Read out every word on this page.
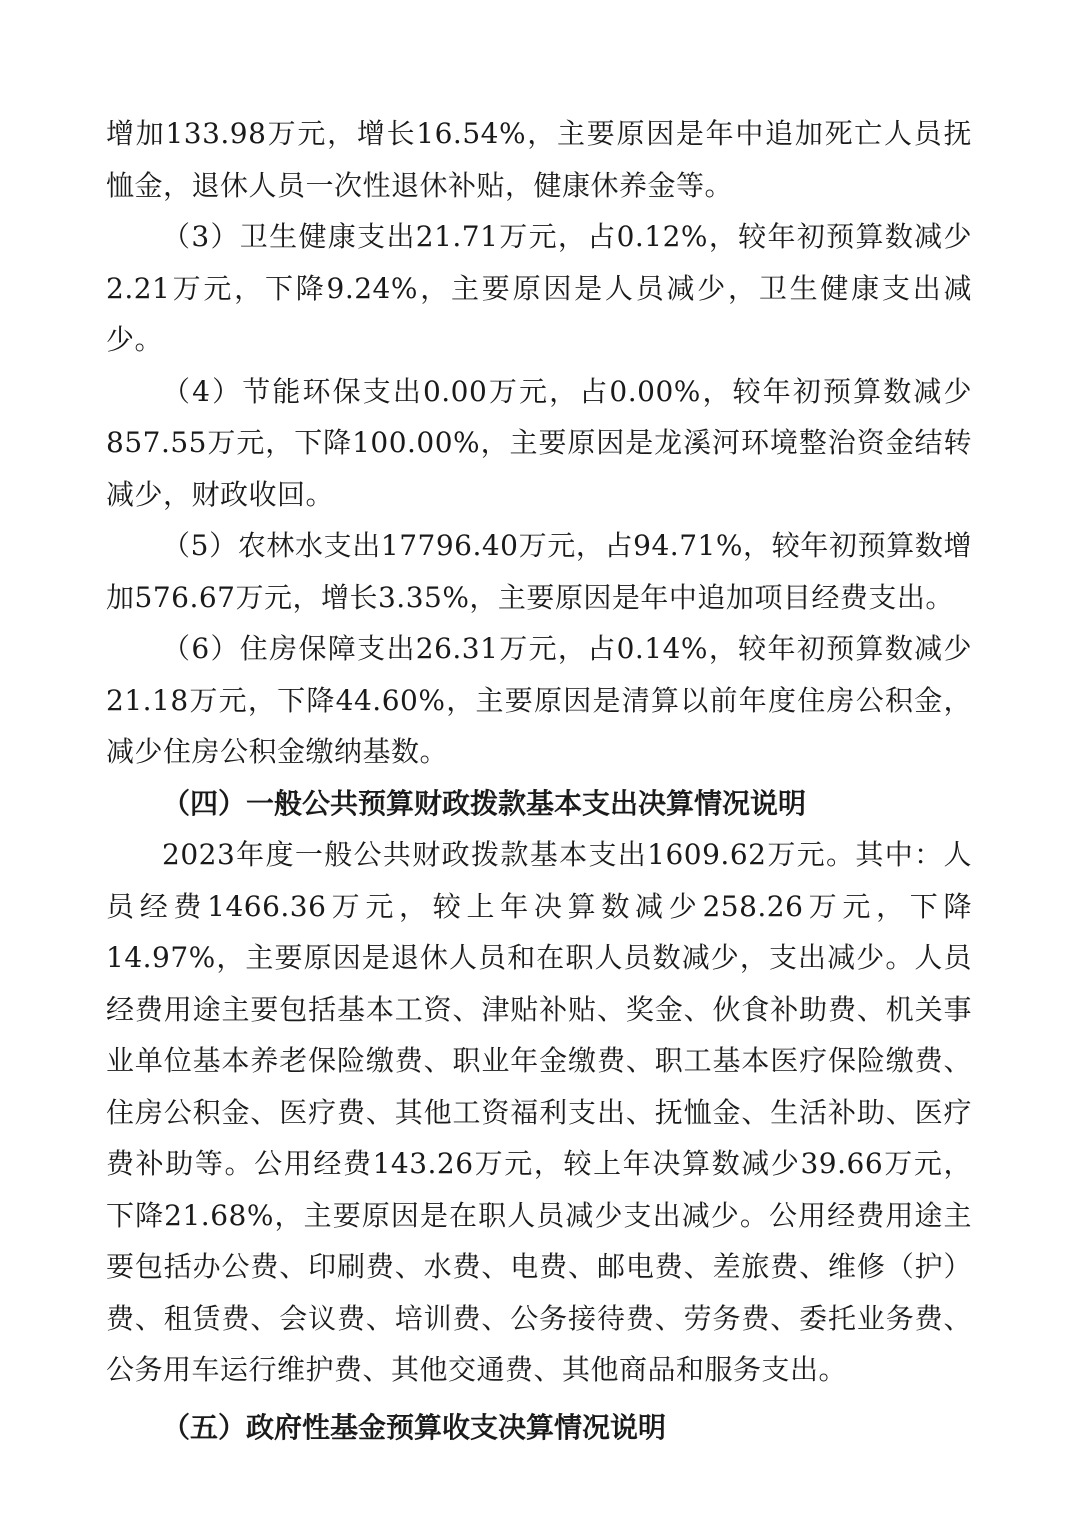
增加133.98万元，增长16.54%，主要原因是年中追加死亡人员抚恤金，退休人员一次性退休补贴，健康休养金等。

（3）卫生健康支出21.71万元，占0.12%，较年初预算数减少2.21万元，下降9.24%，主要原因是人员减少，卫生健康支出减少。

（4）节能环保支出0.00万元，占0.00%，较年初预算数减少857.55万元，下降100.00%，主要原因是龙溪河环境整治资金结转减少，财政收回。

（5）农林水支出17796.40万元，占94.71%，较年初预算数增加576.67万元，增长3.35%，主要原因是年中追加项目经费支出。

（6）住房保障支出26.31万元，占0.14%，较年初预算数减少21.18万元，下降44.60%，主要原因是清算以前年度住房公积金，减少住房公积金缴纳基数。

（四）一般公共预算财政拨款基本支出决算情况说明

2023年度一般公共财政拨款基本支出1609.62万元。其中：人员经费1466.36万元，较上年决算数减少258.26万元，下降14.97%，主要原因是退休人员和在职人员数减少，支出减少。人员经费用途主要包括基本工资、津贴补贴、奖金、伙食补助费、机关事业单位基本养老保险缴费、职业年金缴费、职工基本医疗保险缴费、住房公积金、医疗费、其他工资福利支出、抚恤金、生活补助、医疗费补助等。公用经费143.26万元，较上年决算数减少39.66万元，下降21.68%，主要原因是在职人员减少支出减少。公用经费用途主要包括办公费、印刷费、水费、电费、邮电费、差旅费、维修（护）费、租赁费、会议费、培训费、公务接待费、劳务费、委托业务费、公务用车运行维护费、其他交通费、其他商品和服务支出。

（五）政府性基金预算收支决算情况说明
